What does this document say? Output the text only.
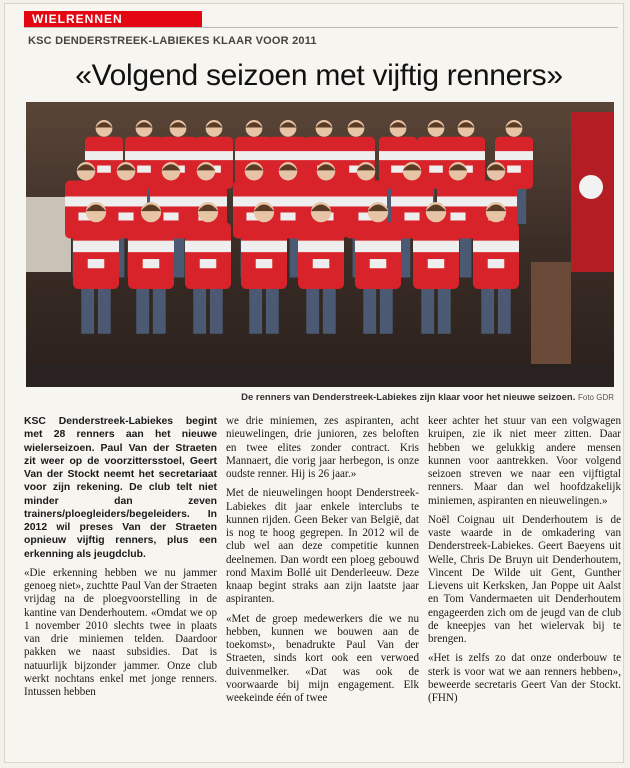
WIELRENNEN
KSC DENDERSTREEK-LABIEKES KLAAR VOOR 2011
«Volgend seizoen met vijftig renners»
De renners van Denderstreek-Labiekes zijn klaar voor het nieuwe seizoen. Foto GDR

KSC Denderstreek-Labiekes begint met 28 renners aan het nieuwe wielerseizoen. Paul Van der Straeten zit weer op de voorzittersstoel, Geert Van der Stockt neemt het secretariaat voor zijn rekening. De club telt niet minder dan zeven trainers/ploegleiders/begeleiders. In 2012 wil preses Van der Straeten opnieuw vijftig renners, plus een erkenning als jeugdclub.

«Die erkenning hebben we nu jammer genoeg niet», zuchtte Paul Van der Straeten vrijdag na de ploegvoorstelling in de kantine van Denderhoutem. «Omdat we op 1 november 2010 slechts twee in plaats van drie miniemen telden. Daardoor pakken we naast subsidies. Dat is natuurlijk bijzonder jammer. Onze club werkt nochtans enkel met jonge renners. Intussen hebben

we drie miniemen, zes aspiranten, acht nieuwelingen, drie junioren, zes beloften en twee elites zonder contract. Kris Mannaert, die vorig jaar herbegon, is onze oudste renner. Hij is 26 jaar.»

Met de nieuwelingen hoopt Denderstreek-Labiekes dit jaar enkele interclubs te kunnen rijden. Geen Beker van België, dat is nog te hoog gegrepen. In 2012 wil de club wel aan deze competitie kunnen deelnemen. Dan wordt een ploeg gebouwd rond Maxim Bollé uit Denderleeuw. Deze knaap begint straks aan zijn laatste jaar aspiranten.

«Met de groep medewerkers die we nu hebben, kunnen we bouwen aan de toekomst», benadrukte Paul Van der Straeten, sinds kort ook een verwoed duivenmelker. «Dat was ook de voorwaarde bij mijn engagement. Elk weekeinde één of twee

keer achter het stuur van een volgwagen kruipen, zie ik niet meer zitten. Daar hebben we gelukkig andere mensen kunnen voor aantrekken. Voor volgend seizoen streven we naar een vijftigtal renners. Maar dan wel hoofdzakelijk miniemen, aspiranten en nieuwelingen.»

Noël Coignau uit Denderhoutem is de vaste waarde in de omkadering van Denderstreek-Labiekes. Geert Baeyens uit Welle, Chris De Bruyn uit Denderhoutem, Vincent De Wilde uit Gent, Gunther Lievens uit Kerksken, Jan Poppe uit Aalst en Tom Vandermaeten uit Denderhoutem engageerden zich om de jeugd van de club de kneepjes van het wielervak bij te brengen.

«Het is zelfs zo dat onze onderbouw te sterk is voor wat we aan renners hebben», beweerde secretaris Geert Van der Stockt. (FHN)
